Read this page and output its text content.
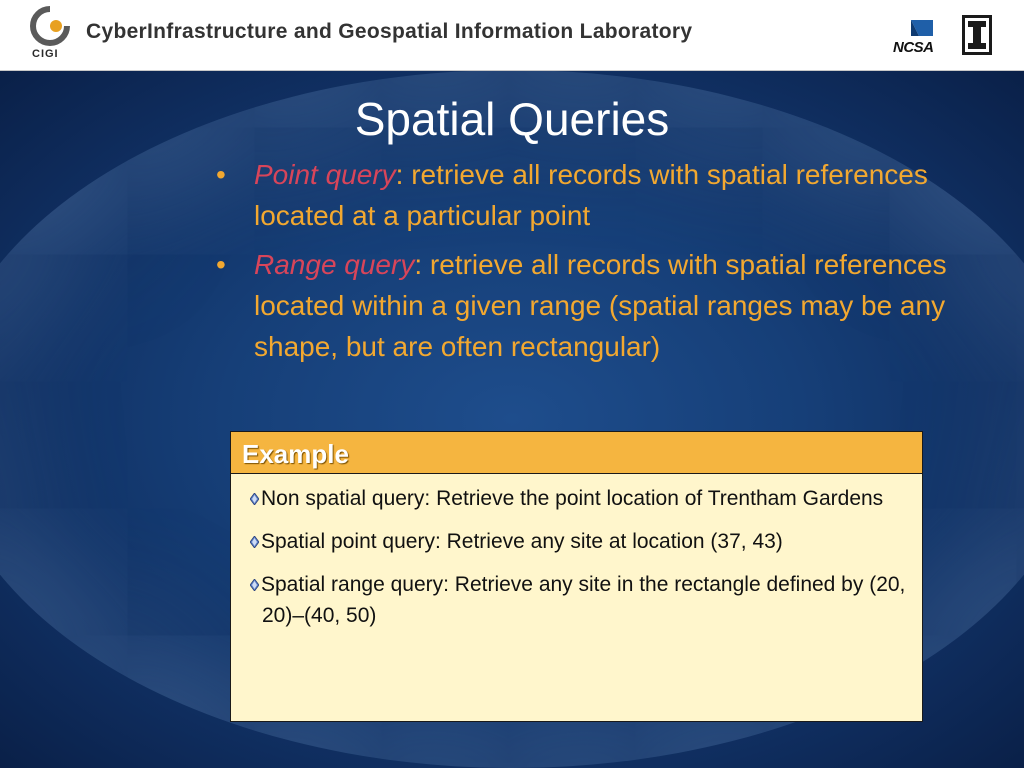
CIGI
CyberInfrastructure and Geospatial Information Laboratory
NCSA
Spatial Queries
• Point query: retrieve all records with spatial references located at a particular point
• Range query: retrieve all records with spatial references located within a given range (spatial ranges may be any shape, but are often rectangular)
Example
Non spatial query: Retrieve the point location of Trentham Gardens
Spatial point query: Retrieve any site at location (37, 43)
Spatial range query: Retrieve any site in the rectangle defined by (20, 20)–(40, 50)
